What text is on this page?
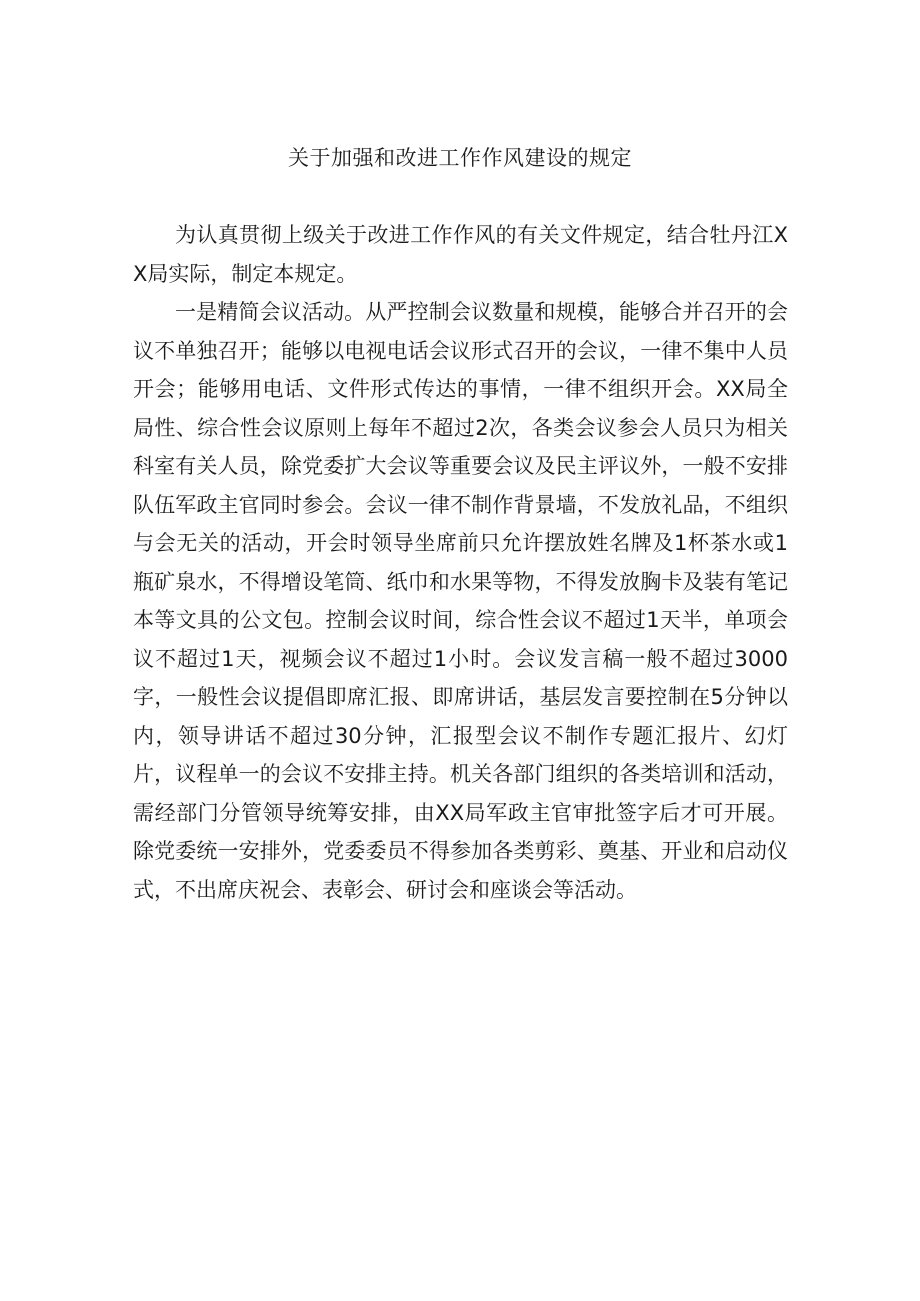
关于加强和改进工作作风建设的规定

为认真贯彻上级关于改进工作作风的有关文件规定，结合牡丹江XX局实际，制定本规定。

一是精简会议活动。从严控制会议数量和规模，能够合并召开的会议不单独召开；能够以电视电话会议形式召开的会议，一律不集中人员开会；能够用电话、文件形式传达的事情，一律不组织开会。XX局全局性、综合性会议原则上每年不超过2次，各类会议参会人员只为相关科室有关人员，除党委扩大会议等重要会议及民主评议外，一般不安排队伍军政主官同时参会。会议一律不制作背景墙，不发放礼品，不组织与会无关的活动，开会时领导坐席前只允许摆放姓名牌及1杯茶水或1瓶矿泉水，不得增设笔筒、纸巾和水果等物，不得发放胸卡及装有笔记本等文具的公文包。控制会议时间，综合性会议不超过1天半，单项会议不超过1天，视频会议不超过1小时。会议发言稿一般不超过3000字，一般性会议提倡即席汇报、即席讲话，基层发言要控制在5分钟以内，领导讲话不超过30分钟，汇报型会议不制作专题汇报片、幻灯片，议程单一的会议不安排主持。机关各部门组织的各类培训和活动，需经部门分管领导统筹安排，由XX局军政主官审批签字后才可开展。除党委统一安排外，党委委员不得参加各类剪彩、奠基、开业和启动仪式，不出席庆祝会、表彰会、研讨会和座谈会等活动。
